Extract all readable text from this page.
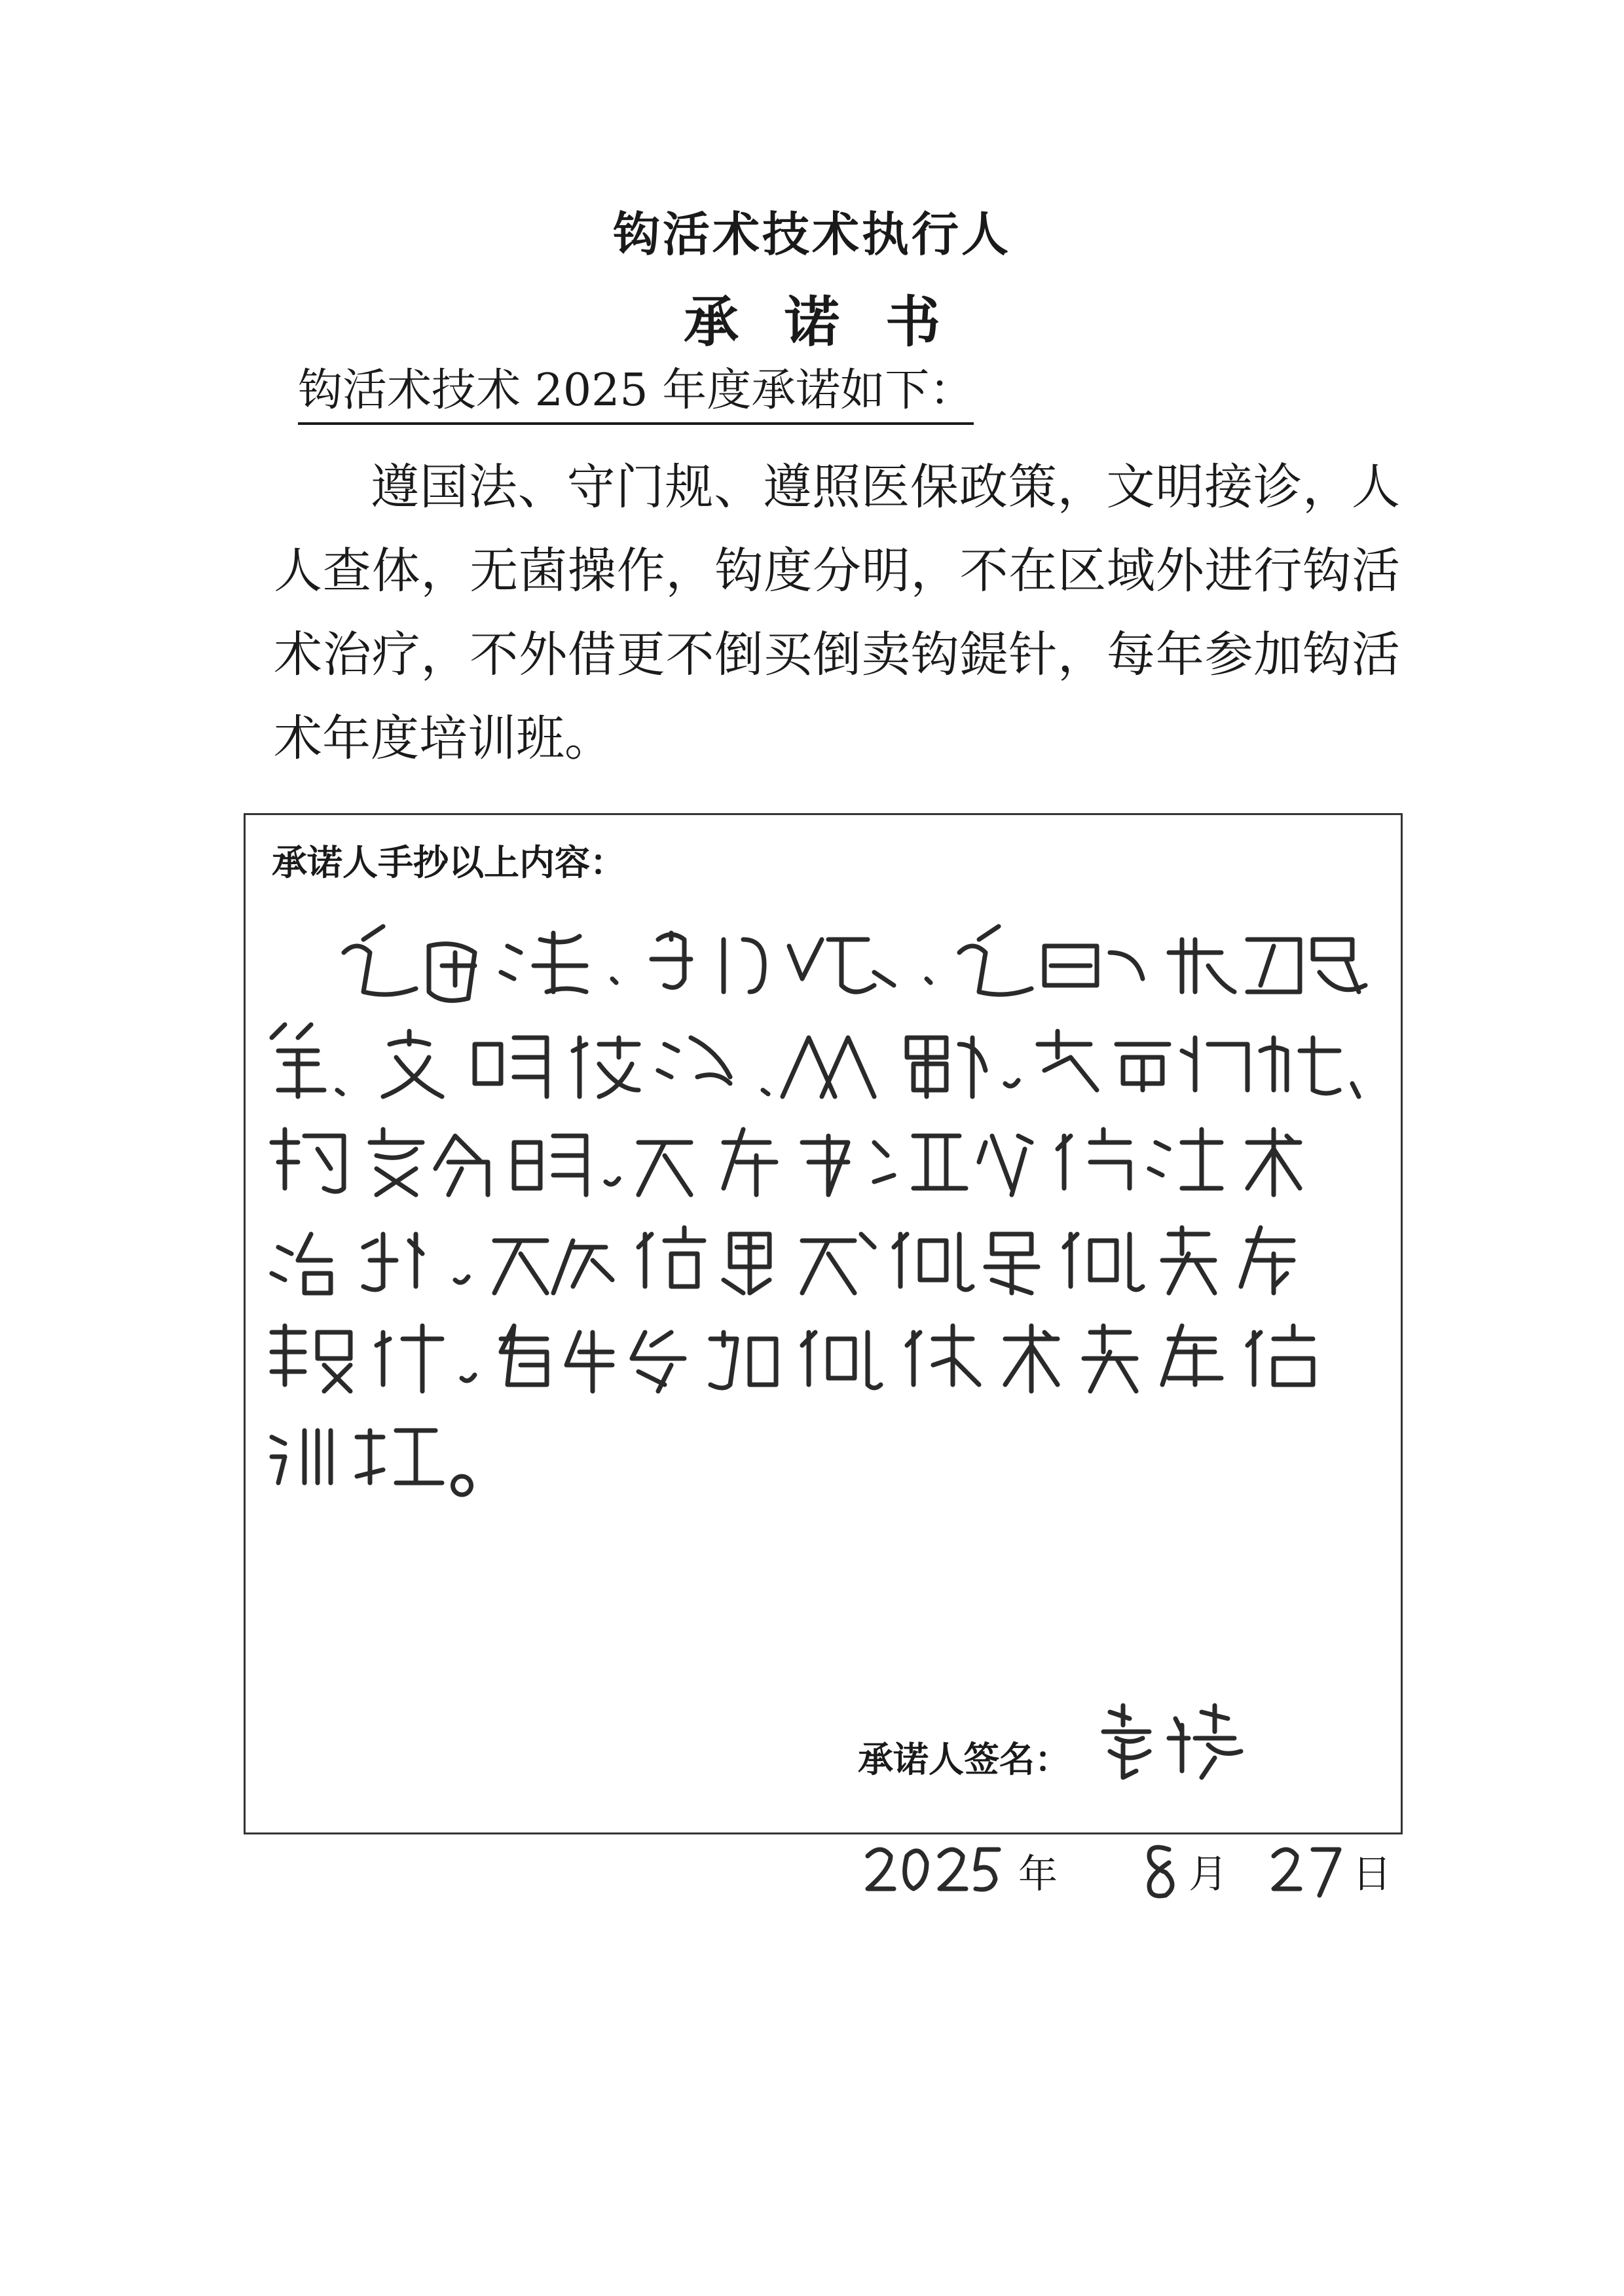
钩活术技术执行人
承诺书
钩活术技术 2025 年度承诺如下：

遵国法、守门规、遵照医保政策，文明接诊，人人查体，无菌操作，钩度分明，不在区域外进行钩活术治疗，不外借更不倒买倒卖钩鍉针，每年参加钩活术年度培训班。

承诺人手抄以上内容：
承诺人签名：
年	月	日
